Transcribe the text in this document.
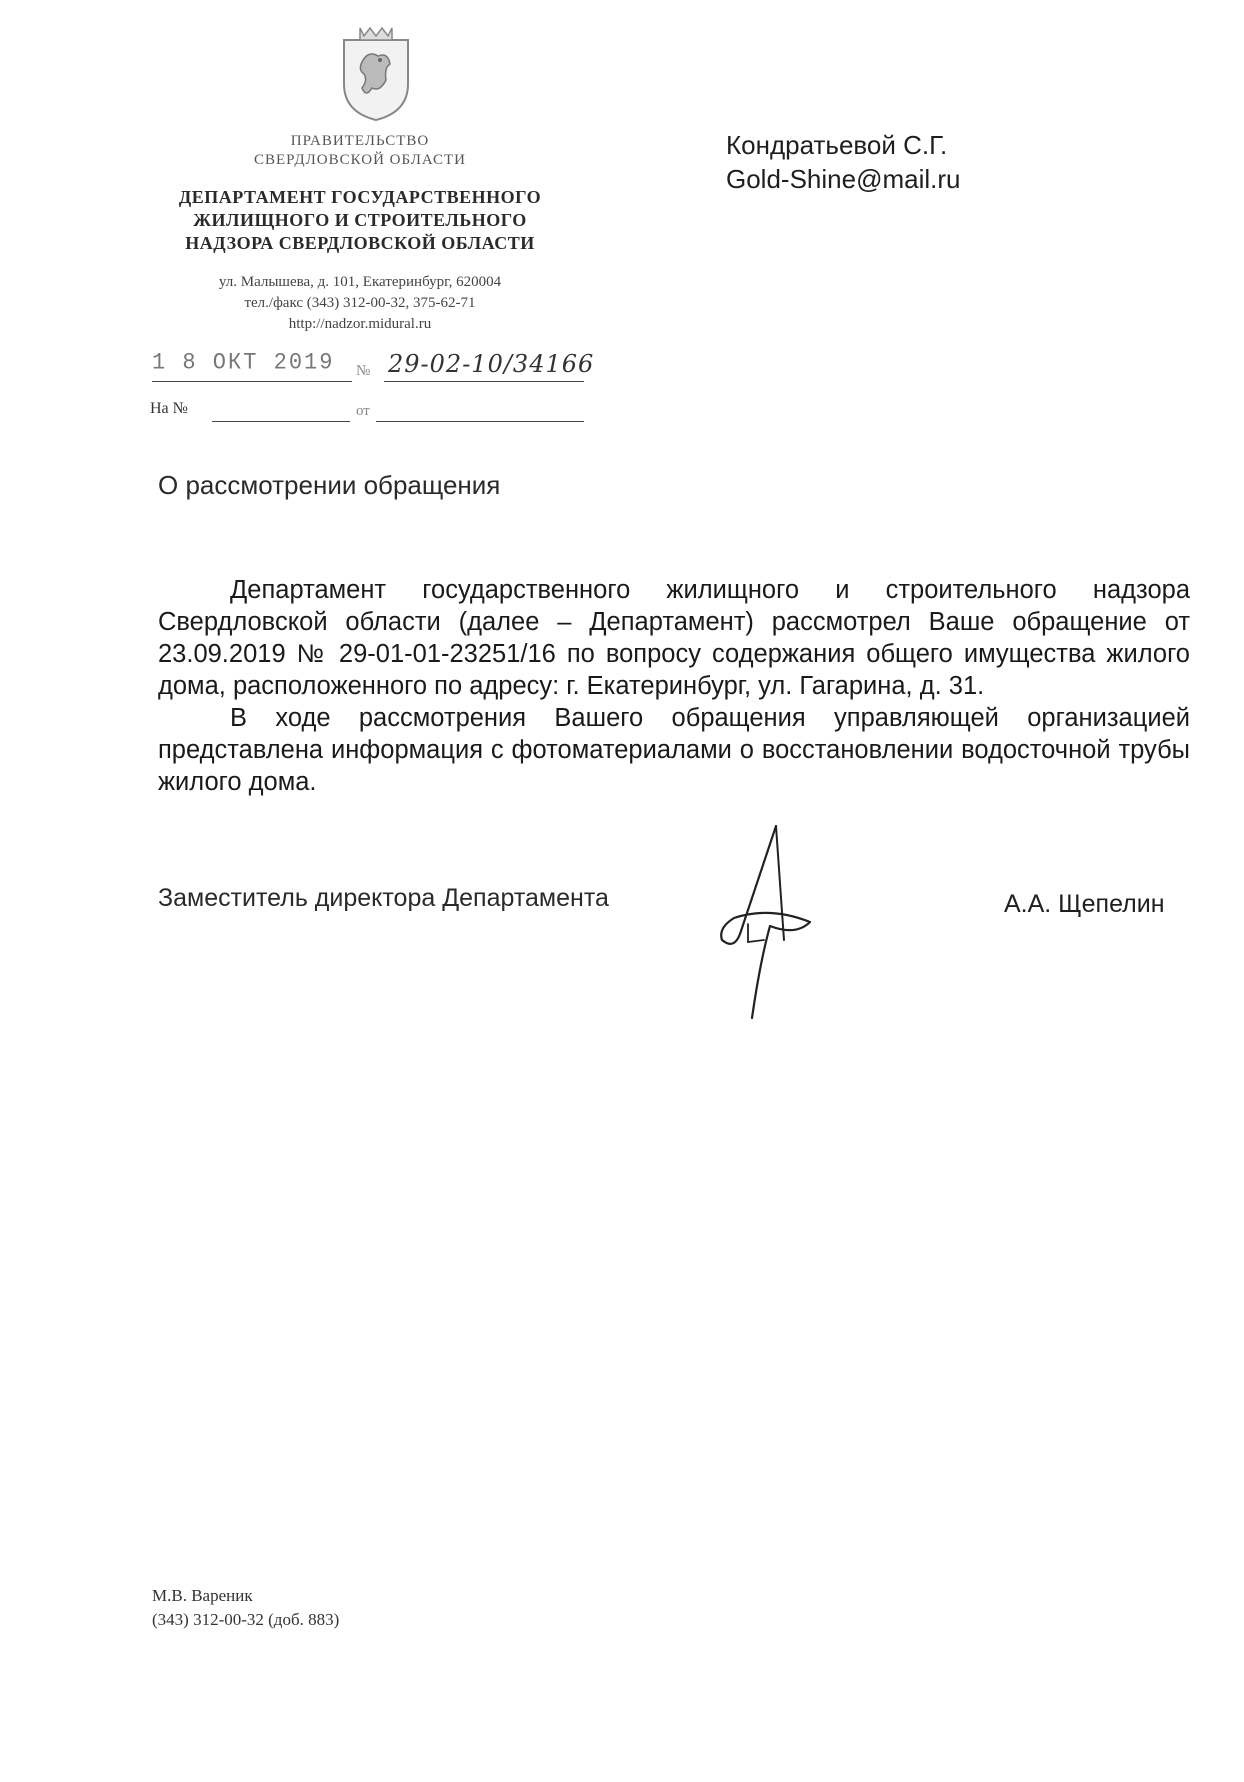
ПРАВИТЕЛЬСТВО
СВЕРДЛОВСКОЙ ОБЛАСТИ
ДЕПАРТАМЕНТ ГОСУДАРСТВЕННОГО
ЖИЛИЩНОГО И СТРОИТЕЛЬНОГО
НАДЗОРА СВЕРДЛОВСКОЙ ОБЛАСТИ
ул. Малышева, д. 101, Екатеринбург, 620004
тел./факс (343) 312-00-32, 375-62-71
http://nadzor.midural.ru
1 8 ОКТ 2019 № 29-02-10/34166
На №	от
Кондратьевой С.Г.
Gold-Shine@mail.ru
О рассмотрении обращения

Департамент государственного жилищного и строительного надзора Свердловской области (далее – Департамент) рассмотрел Ваше обращение от 23.09.2019 № 29-01-01-23251/16 по вопросу содержания общего имущества жилого дома, расположенного по адресу: г. Екатеринбург, ул. Гагарина, д. 31.

В ходе рассмотрения Вашего обращения управляющей организацией представлена информация с фотоматериалами о восстановлении водосточной трубы жилого дома.

Заместитель директора Департамента	А.А. Щепелин
М.В. Вареник
(343) 312-00-32 (доб. 883)
